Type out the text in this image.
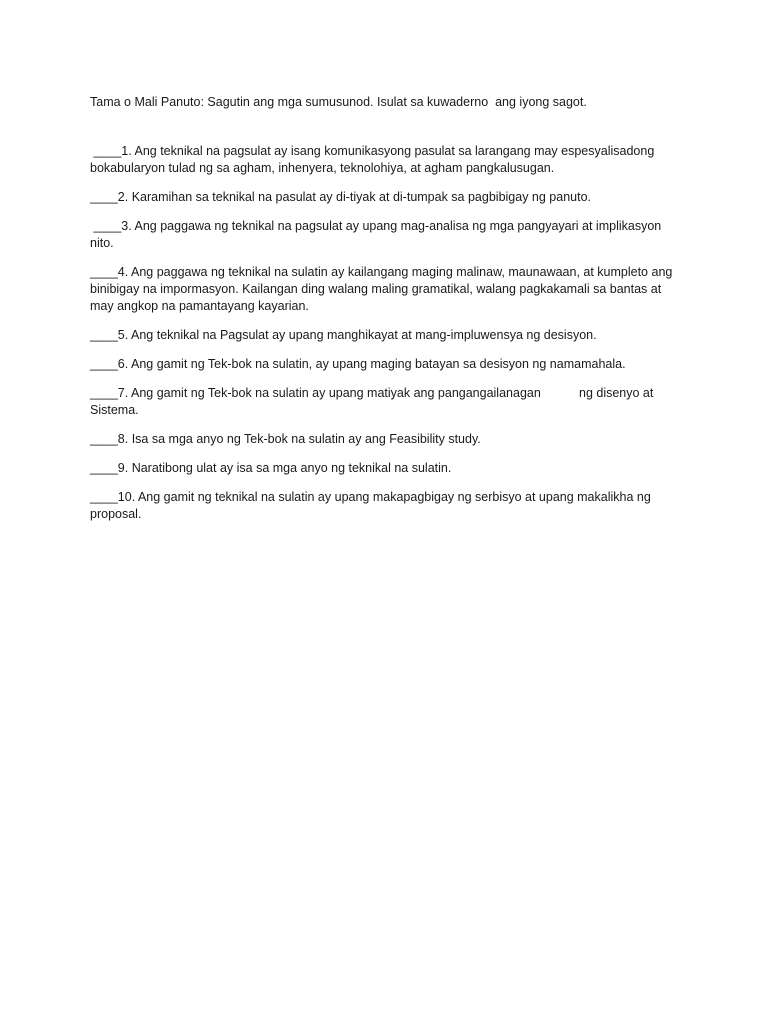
Tama o Mali Panuto: Sagutin ang mga sumusunod. Isulat sa kuwaderno  ang iyong sagot.

____1. Ang teknikal na pagsulat ay isang komunikasyong pasulat sa larangang may espesyalisadong bokabularyon tulad ng sa agham, inhenyera, teknolohiya, at agham pangkalusugan.
____2. Karamihan sa teknikal na pasulat ay di-tiyak at di-tumpak sa pagbibigay ng panuto.
____3. Ang paggawa ng teknikal na pagsulat ay upang mag-analisa ng mga pangyayari at implikasyon nito.
____4. Ang paggawa ng teknikal na sulatin ay kailangang maging malinaw, maunawaan, at kumpleto ang binibigay na impormasyon. Kailangan ding walang maling gramatikal, walang pagkakamali sa bantas at may angkop na pamantayang kayarian.
____5. Ang teknikal na Pagsulat ay upang manghikayat at mang-impluwensya ng desisyon.
____6. Ang gamit ng Tek-bok na sulatin, ay upang maging batayan sa desisyon ng namamahala.
____7. Ang gamit ng Tek-bok na sulatin ay upang matiyak ang pangangailanagan           ng disenyo at Sistema.
____8. Isa sa mga anyo ng Tek-bok na sulatin ay ang Feasibility study.
____9. Naratibong ulat ay isa sa mga anyo ng teknikal na sulatin.
____10. Ang gamit ng teknikal na sulatin ay upang makapagbigay ng serbisyo at upang makalikha ng proposal.
